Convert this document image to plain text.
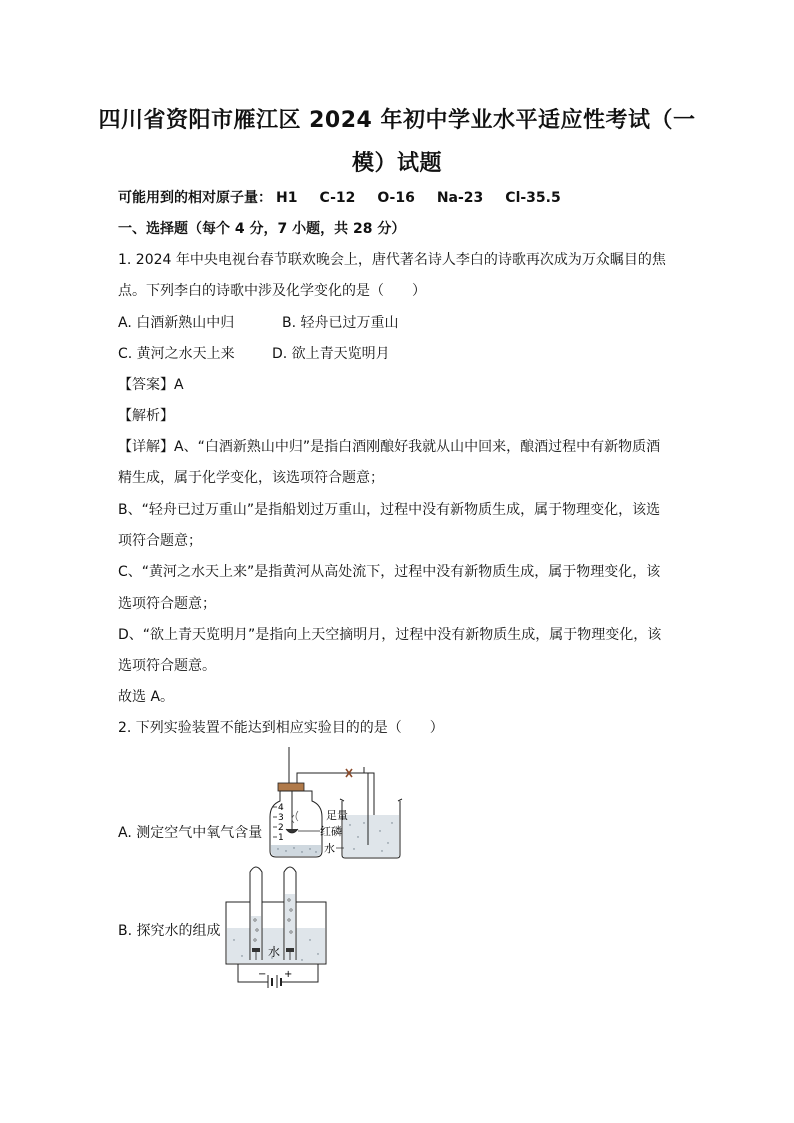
四川省资阳市雁江区 2024 年初中学业水平适应性考试（一
模）试题
可能用到的相对原子量： H1 C-12 O-16 Na-23 Cl-35.5
一、选择题（每个 4 分，7 小题，共 28 分）
1. 2024 年中央电视台春节联欢晚会上，唐代著名诗人李白的诗歌再次成为万众瞩目的焦
点。下列李白的诗歌中涉及化学变化的是（　　）
A. 白酒新熟山中归	B. 轻舟已过万重山
C. 黄河之水天上来	D. 欲上青天览明月
【答案】A
【解析】
【详解】A、“白酒新熟山中归”是指白酒刚酿好我就从山中回来，酿酒过程中有新物质酒
精生成，属于化学变化，该选项符合题意；
B、“轻舟已过万重山”是指船划过万重山，过程中没有新物质生成，属于物理变化，该选
项符合题意；
C、“黄河之水天上来”是指黄河从高处流下，过程中没有新物质生成，属于物理变化，该
选项符合题意；
D、“欲上青天览明月”是指向上天空摘明月，过程中没有新物质生成，属于物理变化，该
选项符合题意。
故选 A。
2. 下列实验装置不能达到相应实验目的的是（　　）
A. 测定空气中氧气含量
4
3
2
1
足量
红磷
水
B. 探究水的组成
水
− +
